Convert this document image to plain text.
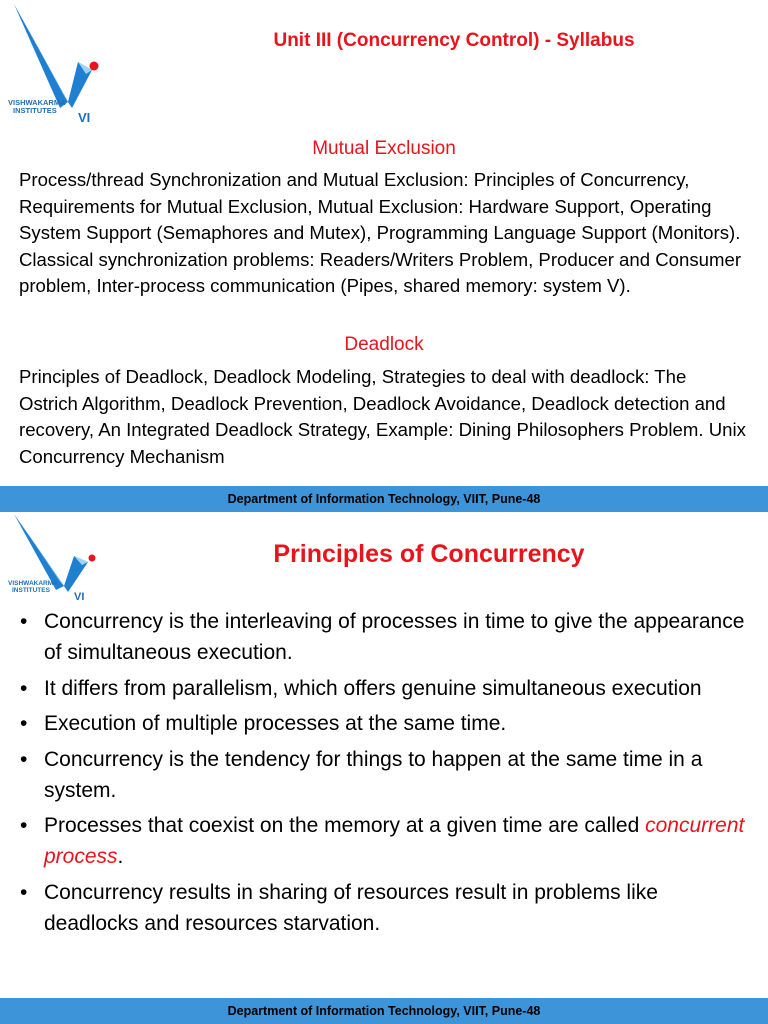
VISHWAKARMA
INSTITUTES VI
Unit III (Concurrency Control) - Syllabus
Mutual Exclusion
Process/thread Synchronization and Mutual Exclusion: Principles of Concurrency, Requirements for Mutual Exclusion, Mutual Exclusion: Hardware Support, Operating System Support (Semaphores and Mutex), Programming Language Support (Monitors). Classical synchronization problems: Readers/Writers Problem, Producer and Consumer problem, Inter-process communication (Pipes, shared memory: system V).
Deadlock
Principles of Deadlock, Deadlock Modeling, Strategies to deal with deadlock: The Ostrich Algorithm, Deadlock Prevention, Deadlock Avoidance, Deadlock detection and recovery, An Integrated Deadlock Strategy, Example: Dining Philosophers Problem. Unix Concurrency Mechanism
Department of Information Technology, VIIT, Pune-48
VISHWAKARMA
INSTITUTES
VI
Principles of Concurrency
• Concurrency is the interleaving of processes in time to give the appearance of simultaneous execution.
• It differs from parallelism, which offers genuine simultaneous execution
• Execution of multiple processes at the same time.
• Concurrency is the tendency for things to happen at the same time in a system.
• Processes that coexist on the memory at a given time are called concurrent process.
• Concurrency results in sharing of resources result in problems like deadlocks and resources starvation.
Department of Information Technology, VIIT, Pune-48
